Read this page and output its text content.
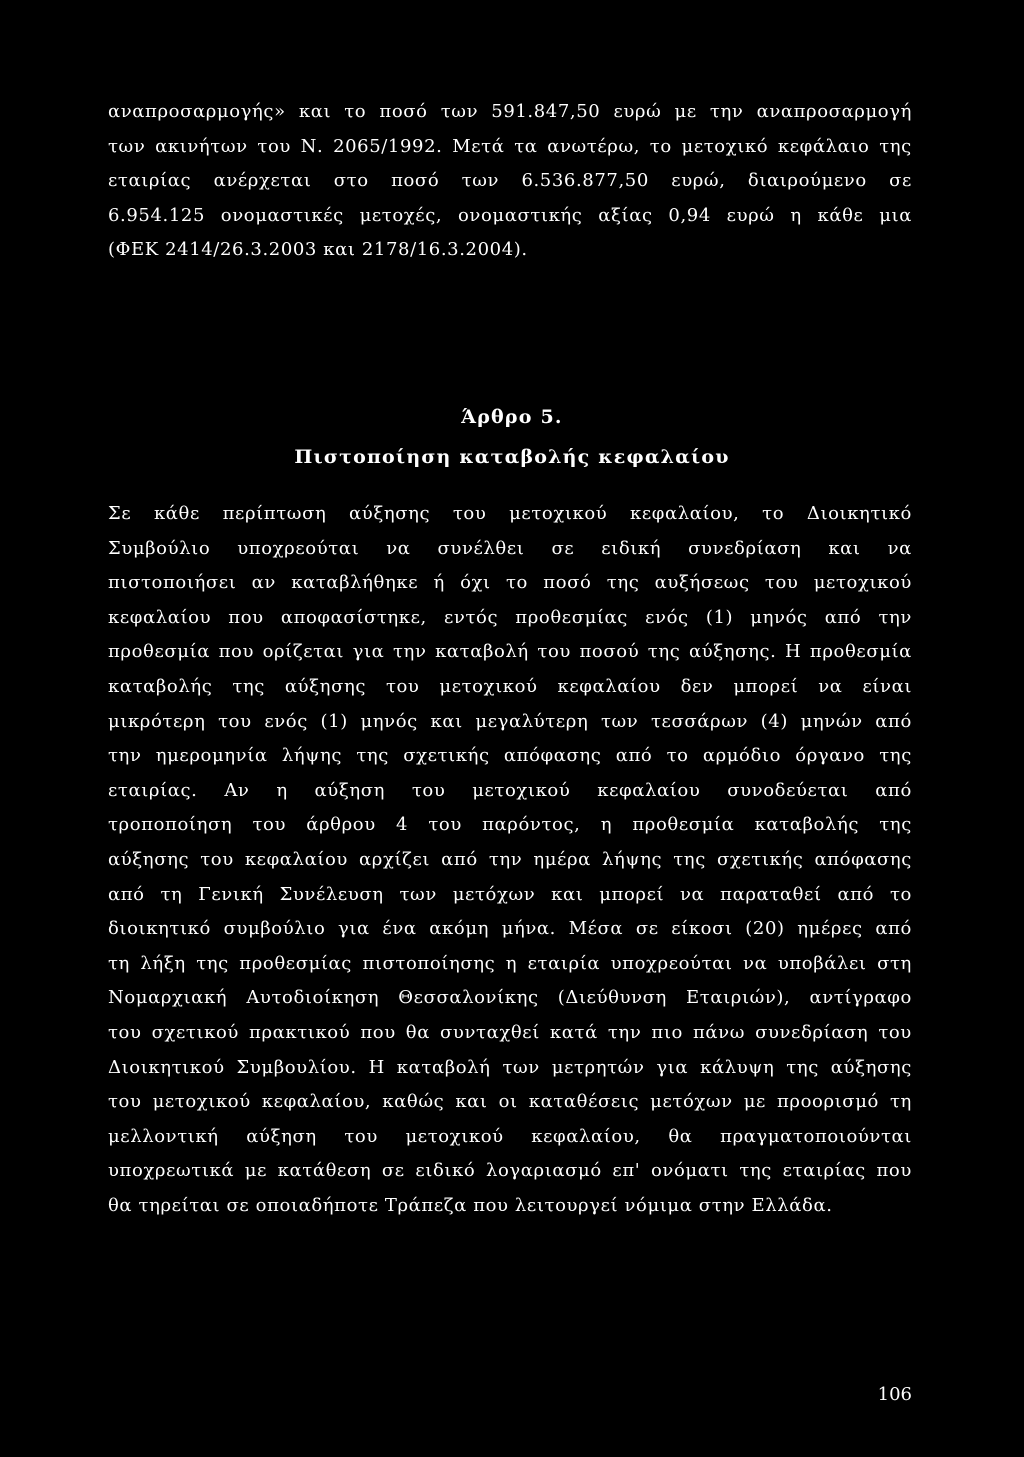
αναπροσαρμογής» και το ποσό των 591.847,50 ευρώ με την αναπροσαρμογή
των ακινήτων του Ν. 2065/1992. Μετά τα ανωτέρω, το μετοχικό κεφάλαιο της
εταιρίας ανέρχεται στο ποσό των 6.536.877,50 ευρώ, διαιρούμενο σε
6.954.125 ονομαστικές μετοχές, ονομαστικής αξίας 0,94 ευρώ η κάθε μια
(ΦΕΚ 2414/26.3.2003 και 2178/16.3.2004).
Άρθρο 5.
Πιστοποίηση καταβολής κεφαλαίου
Σε κάθε περίπτωση αύξησης του μετοχικού κεφαλαίου, το Διοικητικό
Συμβούλιο υποχρεούται να συνέλθει σε ειδική συνεδρίαση και να
πιστοποιήσει αν καταβλήθηκε ή όχι το ποσό της αυξήσεως του μετοχικού
κεφαλαίου που αποφασίστηκε, εντός προθεσμίας ενός (1) μηνός από την
προθεσμία που ορίζεται για την καταβολή του ποσού της αύξησης. Η προθεσμία
καταβολής της αύξησης του μετοχικού κεφαλαίου δεν μπορεί να είναι
μικρότερη του ενός (1) μηνός και μεγαλύτερη των τεσσάρων (4) μηνών από
την ημερομηνία λήψης της σχετικής απόφασης από το αρμόδιο όργανο της
εταιρίας. Αν η αύξηση του μετοχικού κεφαλαίου συνοδεύεται από
τροποποίηση του άρθρου 4 του παρόντος, η προθεσμία καταβολής της
αύξησης του κεφαλαίου αρχίζει από την ημέρα λήψης της σχετικής απόφασης
από τη Γενική Συνέλευση των μετόχων και μπορεί να παραταθεί από το
διοικητικό συμβούλιο για ένα ακόμη μήνα. Μέσα σε είκοσι (20) ημέρες από
τη λήξη της προθεσμίας πιστοποίησης η εταιρία υποχρεούται να υποβάλει στη
Νομαρχιακή Αυτοδιοίκηση Θεσσαλονίκης (Διεύθυνση Εταιριών), αντίγραφο
του σχετικού πρακτικού που θα συνταχθεί κατά την πιο πάνω συνεδρίαση του
Διοικητικού Συμβουλίου. Η καταβολή των μετρητών για κάλυψη της αύξησης
του μετοχικού κεφαλαίου, καθώς και οι καταθέσεις μετόχων με προορισμό τη
μελλοντική αύξηση του μετοχικού κεφαλαίου, θα πραγματοποιούνται
υποχρεωτικά με κατάθεση σε ειδικό λογαριασμό επ' ονόματι της εταιρίας που
θα τηρείται σε οποιαδήποτε Τράπεζα που λειτουργεί νόμιμα στην Ελλάδα.
106
